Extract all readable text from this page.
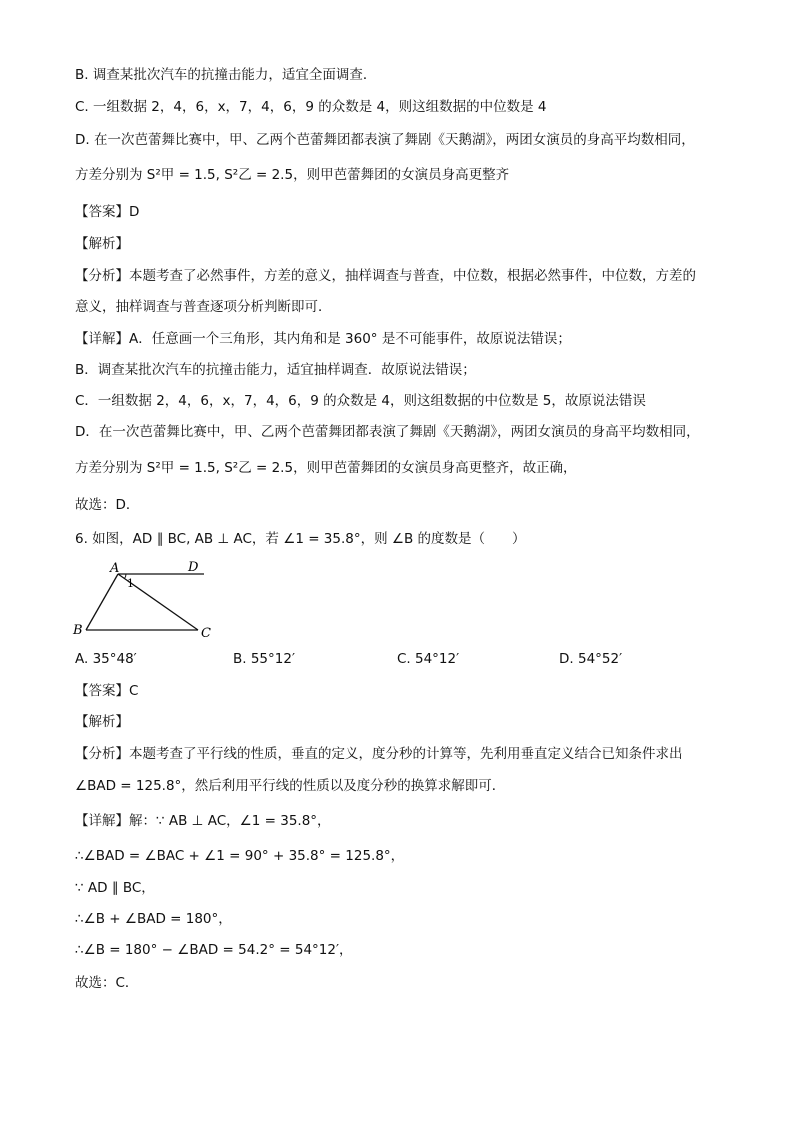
B. 调查某批次汽车的抗撞击能力，适宜全面调查．
C. 一组数据 2，4，6，x，7，4，6，9 的众数是 4，则这组数据的中位数是 4
D. 在一次芭蕾舞比赛中，甲、乙两个芭蕾舞团都表演了舞剧《天鹅湖》，两团女演员的身高平均数相同，
方差分别为 S²甲 = 1.5, S²乙 = 2.5，则甲芭蕾舞团的女演员身高更整齐
【答案】D
【解析】
【分析】本题考查了必然事件，方差的意义，抽样调查与普查，中位数，根据必然事件，中位数，方差的
意义，抽样调查与普查逐项分析判断即可．
【详解】A．任意画一个三角形，其内角和是 360° 是不可能事件，故原说法错误；
B．调查某批次汽车的抗撞击能力，适宜抽样调查．故原说法错误；
C．一组数据 2，4，6，x，7，4，6，9 的众数是 4，则这组数据的中位数是 5，故原说法错误
D．在一次芭蕾舞比赛中，甲、乙两个芭蕾舞团都表演了舞剧《天鹅湖》，两团女演员的身高平均数相同，
方差分别为 S²甲 = 1.5, S²乙 = 2.5，则甲芭蕾舞团的女演员身高更整齐，故正确，
故选：D．
6. 如图，AD ∥ BC, AB ⊥ AC，若 ∠1 = 35.8°，则 ∠B 的度数是（　　）
A	D
B	C
1
A. 35°48′	B. 55°12′	C. 54°12′	D. 54°52′
【答案】C
【解析】
【分析】本题考查了平行线的性质，垂直的定义，度分秒的计算等，先利用垂直定义结合已知条件求出
∠BAD = 125.8°，然后利用平行线的性质以及度分秒的换算求解即可．
【详解】解：∵ AB ⊥ AC，∠1 = 35.8°，
∴∠BAD = ∠BAC + ∠1 = 90° + 35.8° = 125.8°，
∵ AD ∥ BC，
∴∠B + ∠BAD = 180°，
∴∠B = 180° − ∠BAD = 54.2° = 54°12′，
故选：C．
